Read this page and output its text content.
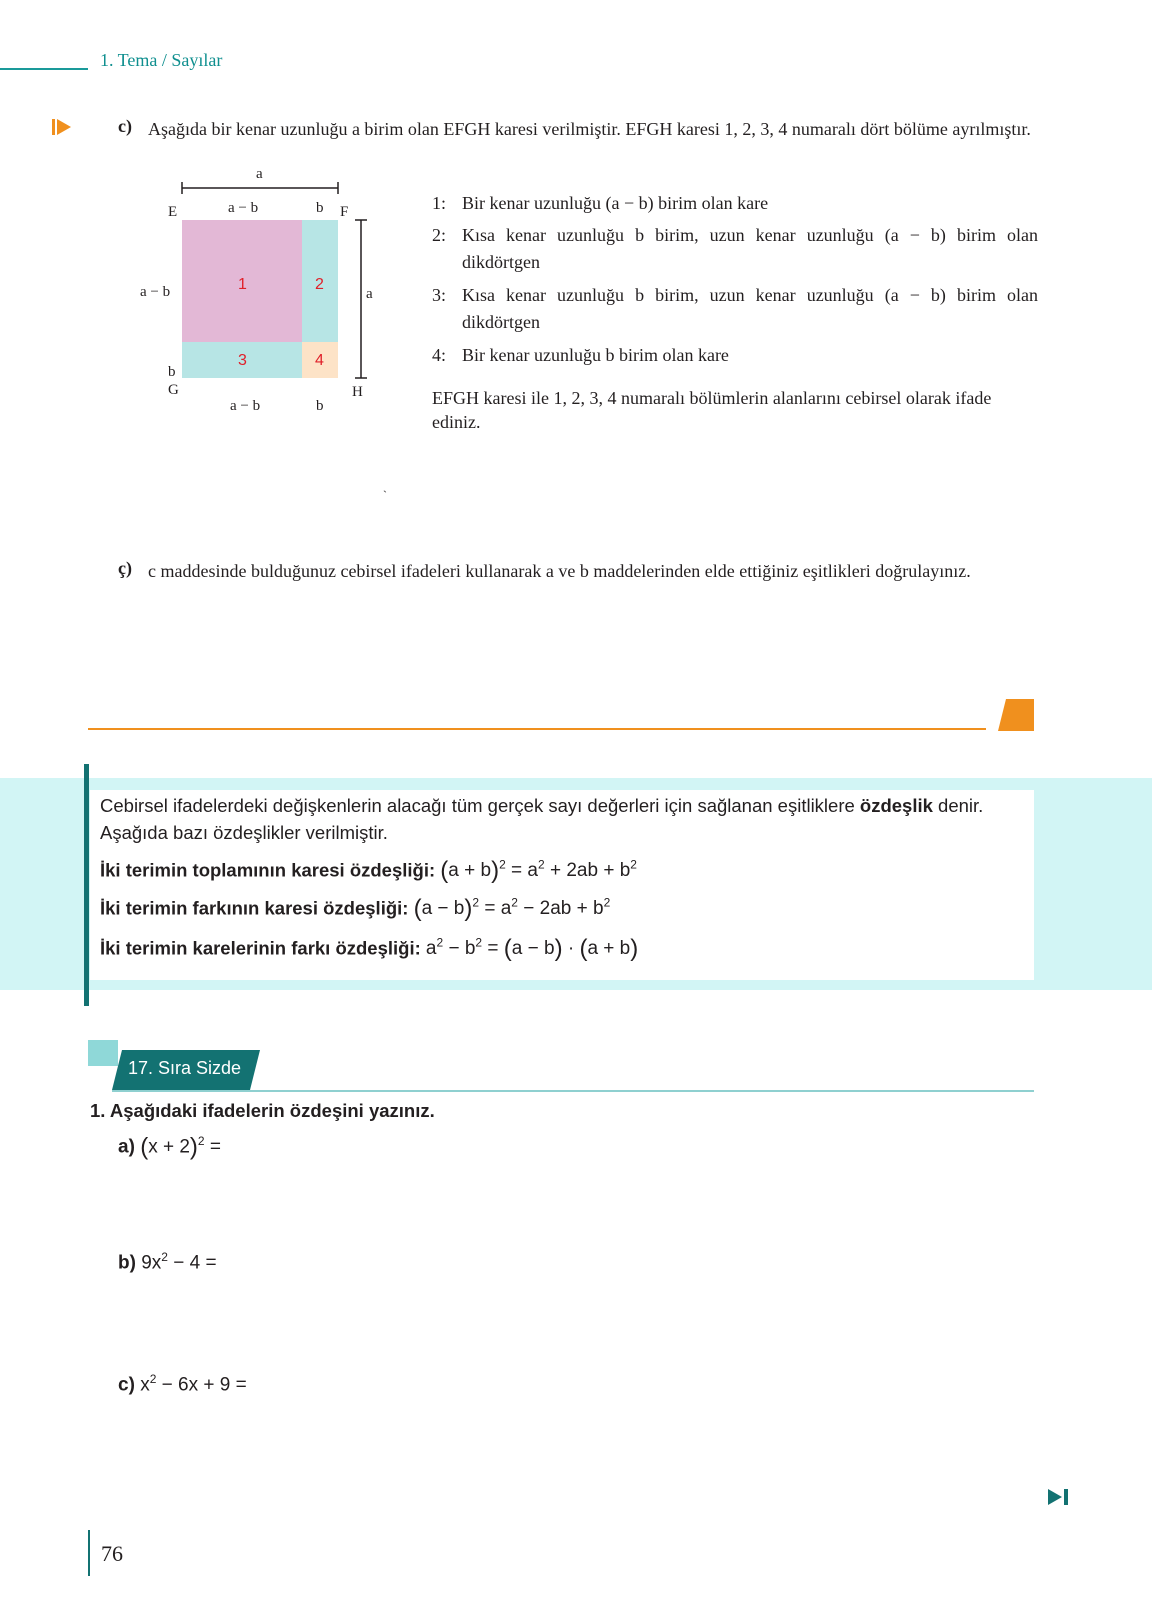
1. Tema / Sayılar
c) Aşağıda bir kenar uzunluğu a birim olan EFGH karesi verilmiştir. EFGH karesi 1, 2, 3, 4 numaralı dört bölüme ayrılmıştır.
a
a − b	b
E	F
a
a − b
b
G	H
a − b	b
1	2
3	4
1: Bir kenar uzunluğu (a − b) birim olan kare
2: Kısa kenar uzunluğu b birim, uzun kenar uzunluğu (a − b) birim olan dikdörtgen
3: Kısa kenar uzunluğu b birim, uzun kenar uzunluğu (a − b) birim olan dikdörtgen
4: Bir kenar uzunluğu b birim olan kare
EFGH karesi ile 1, 2, 3, 4 numaralı bölümlerin alanlarını cebirsel olarak ifade ediniz.
`
ç) c maddesinde bulduğunuz cebirsel ifadeleri kullanarak a ve b maddelerinden elde ettiğiniz eşitlikleri doğrulayınız.
Cebirsel ifadelerdeki değişkenlerin alacağı tüm gerçek sayı değerleri için sağlanan eşitliklere özdeşlik denir. Aşağıda bazı özdeşlikler verilmiştir.
İki terimin toplamının karesi özdeşliği: $(a + b)^2 = a^2 + 2ab + b^2$
İki terimin farkının karesi özdeşliği: $(a - b)^2 = a^2 - 2ab + b^2$
İki terimin karelerinin farkı özdeşliği: $a^2 - b^2 = (a - b) \cdot (a + b)$
17. Sıra Sizde
1. Aşağıdaki ifadelerin özdeşini yazınız.
a) $(x + 2)^2$ =
b) $9x^2 - 4$ =
c) $x^2 - 6x + 9$ =
76
